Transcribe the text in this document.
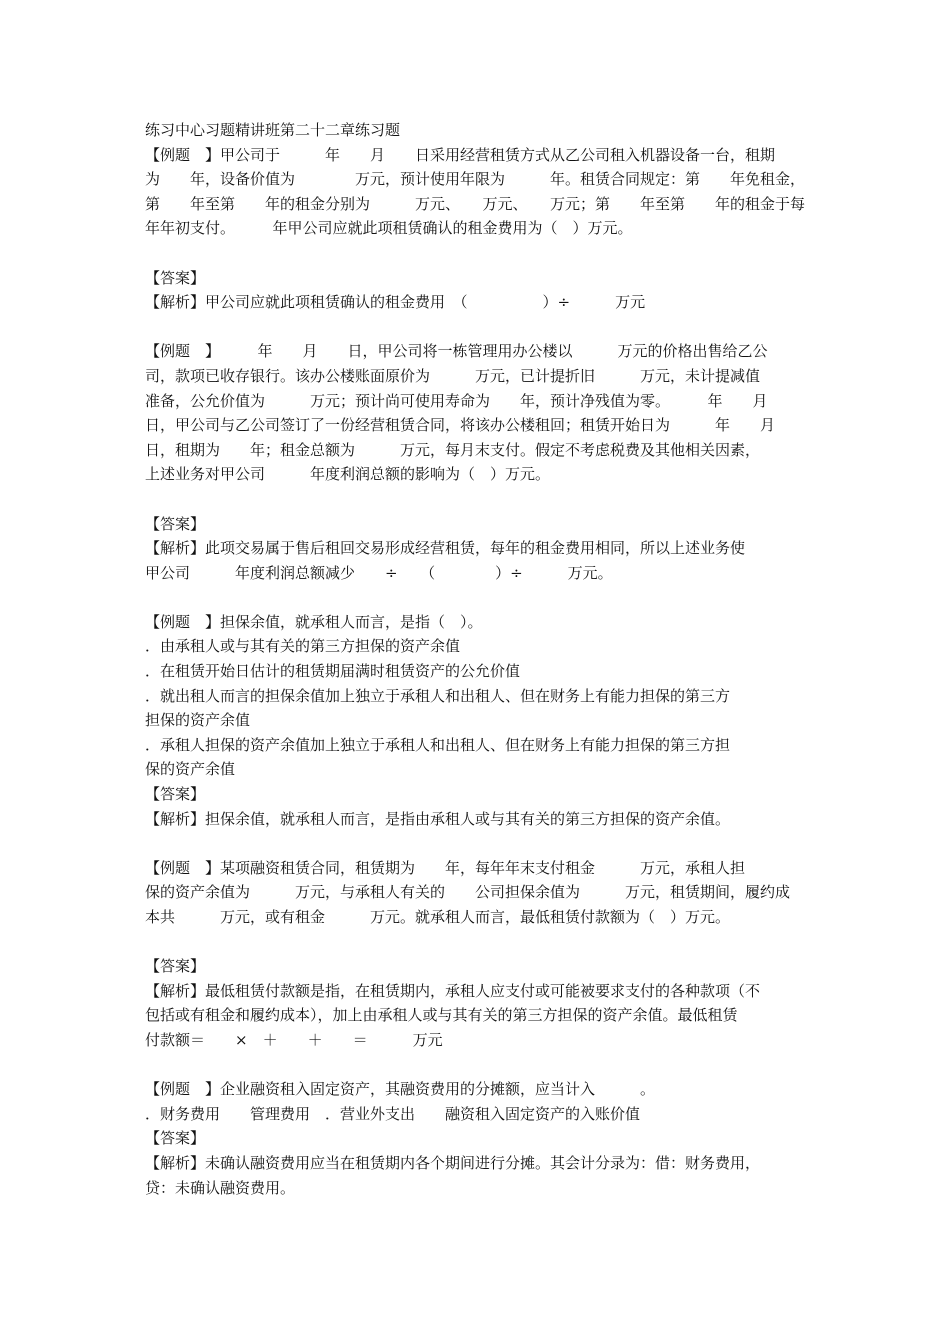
练习中心习题精讲班第二十二章练习题
【例题　】甲公司于　　　年　　月　　日采用经营租赁方式从乙公司租入机器设备一台，租期
为　　年，设备价值为　　　　万元，预计使用年限为　　　年。租赁合同规定：第　　年免租金，
第　　年至第　　年的租金分别为　　　万元、　　万元、　　万元；第　　年至第　　年的租金于每
年年初支付。　　　年甲公司应就此项租赁确认的租金费用为（　）万元。

【答案】
【解析】甲公司应就此项租赁确认的租金费用　（　　　　　）÷　　　万元
【例题　】　　　年　　月　　日，甲公司将一栋管理用办公楼以　　　万元的价格出售给乙公
司，款项已收存银行。该办公楼账面原价为　　　万元，已计提折旧　　　万元，未计提减值
准备，公允价值为　　　万元；预计尚可使用寿命为　　年，预计净残值为零。　　　年　　月
日，甲公司与乙公司签订了一份经营租赁合同，将该办公楼租回；租赁开始日为　　　年　　月
日，租期为　　年；租金总额为　　　万元，每月末支付。假定不考虑税费及其他相关因素，
上述业务对甲公司　　　年度利润总额的影响为（　）万元。

【答案】
【解析】此项交易属于售后租回交易形成经营租赁，每年的租金费用相同，所以上述业务使
甲公司　　　年度利润总额减少　　÷　　（　　　　）÷　　　万元。
【例题　】担保余值，就承租人而言，是指（　）。
．由承租人或与其有关的第三方担保的资产余值
．在租赁开始日估计的租赁期届满时租赁资产的公允价值
．就出租人而言的担保余值加上独立于承租人和出租人、但在财务上有能力担保的第三方
担保的资产余值
．承租人担保的资产余值加上独立于承租人和出租人、但在财务上有能力担保的第三方担
保的资产余值
【答案】
【解析】担保余值，就承租人而言，是指由承租人或与其有关的第三方担保的资产余值。
【例题　】某项融资租赁合同，租赁期为　　年，每年年末支付租金　　　万元，承租人担
保的资产余值为　　　万元，与承租人有关的　　公司担保余值为　　　万元，租赁期间，履约成
本共　　　万元，或有租金　　　万元。就承租人而言，最低租赁付款额为（　）万元。

【答案】
【解析】最低租赁付款额是指，在租赁期内，承租人应支付或可能被要求支付的各种款项（不
包括或有租金和履约成本），加上由承租人或与其有关的第三方担保的资产余值。最低租赁
付款额＝　　×　＋　　＋　　＝　　　万元
【例题　】企业融资租入固定资产，其融资费用的分摊额，应当计入　　　。
．财务费用　　管理费用　．营业外支出　　融资租入固定资产的入账价值
【答案】
【解析】未确认融资费用应当在租赁期内各个期间进行分摊。其会计分录为：借：财务费用，
贷：未确认融资费用。
